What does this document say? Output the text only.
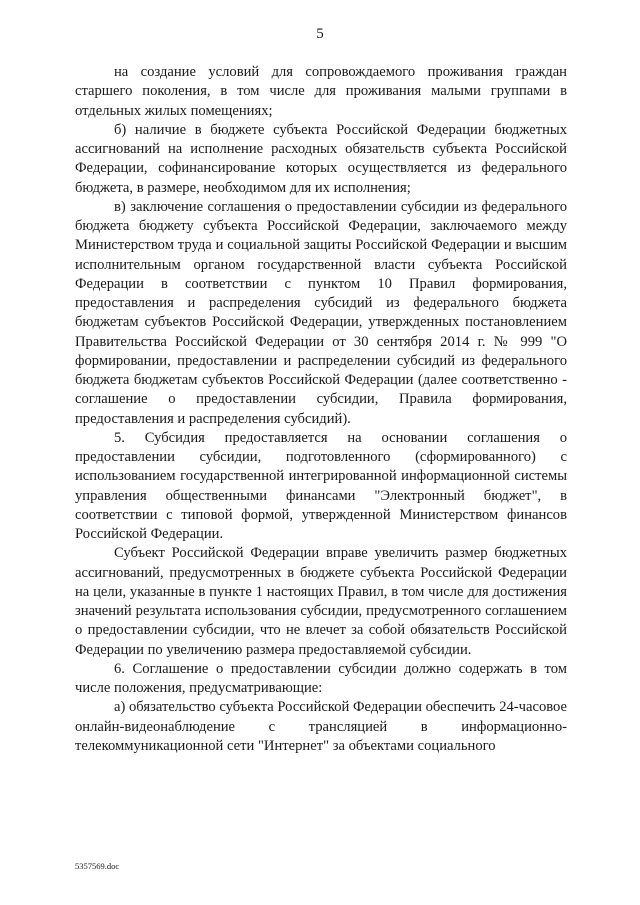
5

на создание условий для сопровождаемого проживания граждан старшего поколения, в том числе для проживания малыми группами в отдельных жилых помещениях;

б) наличие в бюджете субъекта Российской Федерации бюджетных ассигнований на исполнение расходных обязательств субъекта Российской Федерации, софинансирование которых осуществляется из федерального бюджета, в размере, необходимом для их исполнения;

в) заключение соглашения о предоставлении субсидии из федерального бюджета бюджету субъекта Российской Федерации, заключаемого между Министерством труда и социальной защиты Российской Федерации и высшим исполнительным органом государственной власти субъекта Российской Федерации в соответствии с пунктом 10 Правил формирования, предоставления и распределения субсидий из федерального бюджета бюджетам субъектов Российской Федерации, утвержденных постановлением Правительства Российской Федерации от 30 сентября 2014 г. № 999 "О формировании, предоставлении и распределении субсидий из федерального бюджета бюджетам субъектов Российской Федерации (далее соответственно - соглашение о предоставлении субсидии, Правила формирования, предоставления и распределения субсидий).

5. Субсидия предоставляется на основании соглашения о предоставлении субсидии, подготовленного (сформированного) с использованием государственной интегрированной информационной системы управления общественными финансами "Электронный бюджет", в соответствии с типовой формой, утвержденной Министерством финансов Российской Федерации.

Субъект Российской Федерации вправе увеличить размер бюджетных ассигнований, предусмотренных в бюджете субъекта Российской Федерации на цели, указанные в пункте 1 настоящих Правил, в том числе для достижения значений результата использования субсидии, предусмотренного соглашением о предоставлении субсидии, что не влечет за собой обязательств Российской Федерации по увеличению размера предоставляемой субсидии.

6. Соглашение о предоставлении субсидии должно содержать в том числе положения, предусматривающие:

а) обязательство субъекта Российской Федерации обеспечить 24-часовое онлайн-видеонаблюдение с трансляцией в информационно-телекоммуникационной сети "Интернет" за объектами социального

5357569.doc
